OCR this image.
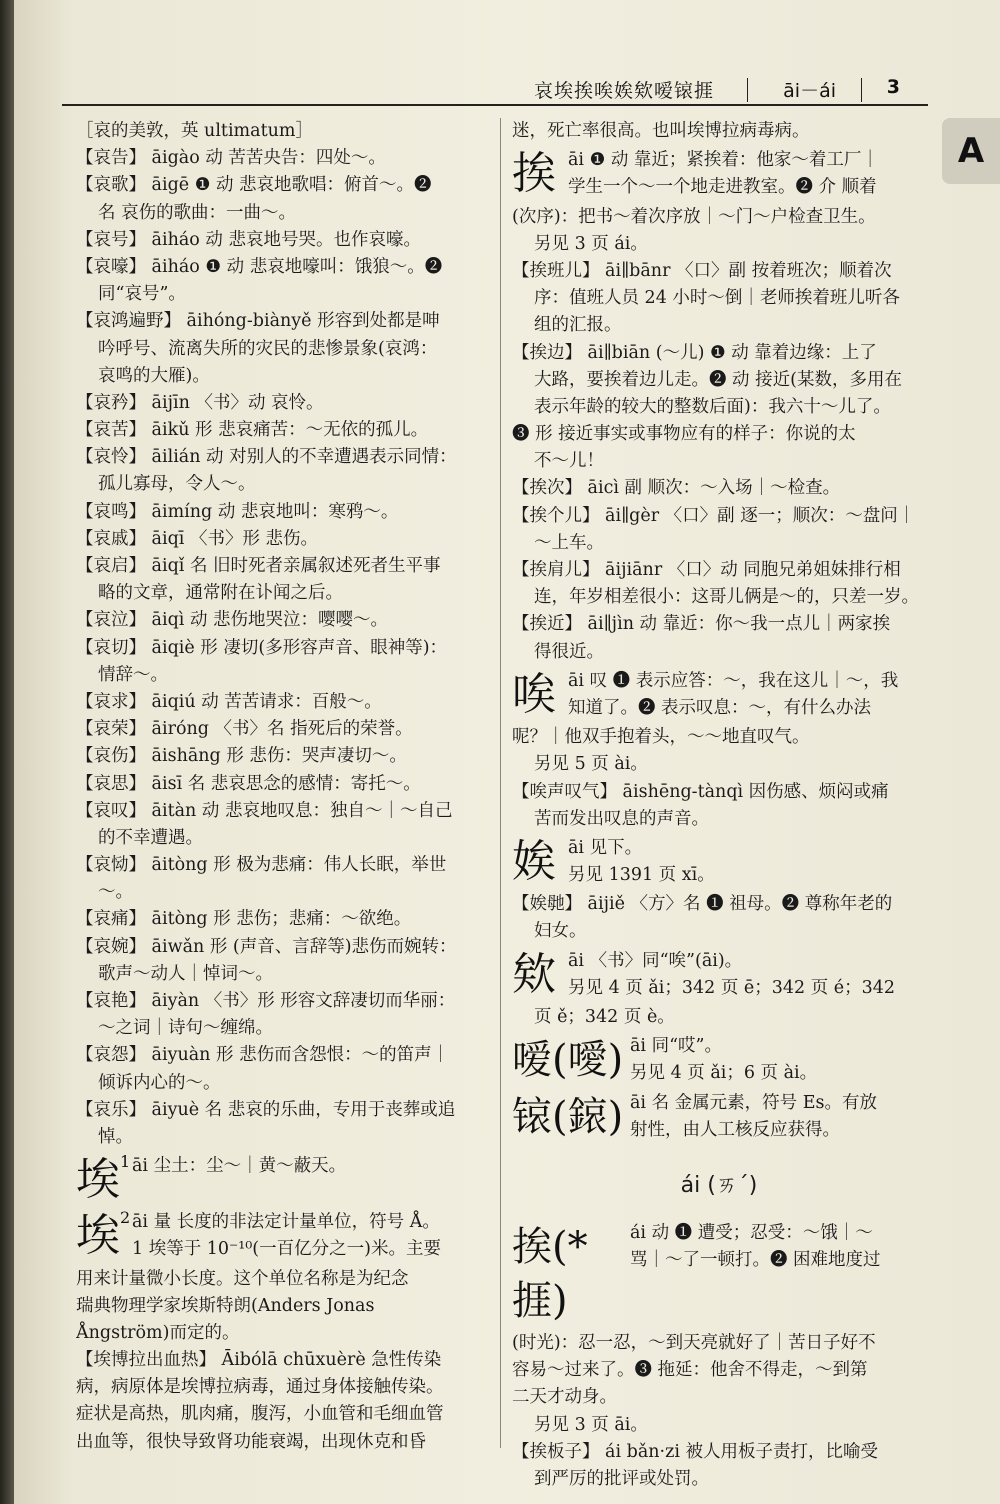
哀埃挨唉娭欸嗳锿捱	āi－ái	3
A
［哀的美敦，英 ultimatum］
【哀告】 āigào 动 苦苦央告：四处～。
【哀歌】 āigē ❶ 动 悲哀地歌唱：俯首～。❷
名 哀伤的歌曲：一曲～。
【哀号】 āiháo 动 悲哀地号哭。也作哀嚎。
【哀嚎】 āiháo ❶ 动 悲哀地嚎叫：饿狼～。❷
同“哀号”。
【哀鸿遍野】 āihóng-biànyě 形容到处都是呻
吟呼号、流离失所的灾民的悲惨景象(哀鸿：
哀鸣的大雁)。
【哀矜】 āijīn 〈书〉动 哀怜。
【哀苦】 āikǔ 形 悲哀痛苦：～无依的孤儿。
【哀怜】 āilián 动 对别人的不幸遭遇表示同情：
孤儿寡母，令人～。
【哀鸣】 āimíng 动 悲哀地叫：寒鸦～。
【哀戚】 āiqī 〈书〉形 悲伤。
【哀启】 āiqǐ 名 旧时死者亲属叙述死者生平事
略的文章，通常附在讣闻之后。
【哀泣】 āiqì 动 悲伤地哭泣：嘤嘤～。
【哀切】 āiqiè 形 凄切(多形容声音、眼神等)：
情辞～。
【哀求】 āiqiú 动 苦苦请求：百般～。
【哀荣】 āiróng 〈书〉名 指死后的荣誉。
【哀伤】 āishāng 形 悲伤：哭声凄切～。
【哀思】 āisī 名 悲哀思念的感情：寄托～。
【哀叹】 āitàn 动 悲哀地叹息：独自～｜～自己
的不幸遭遇。
【哀恸】 āitòng 形 极为悲痛：伟人长眠，举世
～。
【哀痛】 āitòng 形 悲伤；悲痛：～欲绝。
【哀婉】 āiwǎn 形 (声音、言辞等)悲伤而婉转：
歌声～动人｜悼词～。
【哀艳】 āiyàn 〈书〉形 形容文辞凄切而华丽：
～之词｜诗句～缠绵。
【哀怨】 āiyuàn 形 悲伤而含怨恨：～的笛声｜
倾诉内心的～。
【哀乐】 āiyuè 名 悲哀的乐曲，专用于丧葬或追
悼。
埃$^1$ āi 尘土：尘～｜黄～蔽天。
埃$^2$ āi 量 长度的非法定计量单位，符号 Å。
1 埃等于 10⁻¹⁰(一百亿分之一)米。主要
用来计量微小长度。这个单位名称是为纪念
瑞典物理学家埃斯特朗(Anders Jonas
Ångström)而定的。
【埃博拉出血热】 Āibólā chūxuèrè 急性传染
病，病原体是埃博拉病毒，通过身体接触传染。
症状是高热，肌肉痛，腹泻，小血管和毛细血管
出血等，很快导致肾功能衰竭，出现休克和昏
迷，死亡率很高。也叫埃博拉病毒病。
挨 āi ❶ 动 靠近；紧挨着：他家～着工厂｜
学生一个～一个地走进教室。❷ 介 顺着
(次序)：把书～着次序放｜～门～户检查卫生。
另见 3 页 ái。
【挨班儿】 āi∥bānr 〈口〉副 按着班次；顺着次
序：值班人员 24 小时～倒｜老师挨着班儿听各
组的汇报。
【挨边】 āi∥biān (～儿) ❶ 动 靠着边缘：上了
大路，要挨着边儿走。❷ 动 接近(某数，多用在
表示年龄的较大的整数后面)：我六十～儿了。
❸ 形 接近事实或事物应有的样子：你说的太
不～儿！
【挨次】 āicì 副 顺次：～入场｜～检查。
【挨个儿】 āi∥gèr 〈口〉副 逐一；顺次：～盘问｜
～上车。
【挨肩儿】 āijiānr 〈口〉动 同胞兄弟姐妹排行相
连，年岁相差很小：这哥儿俩是～的，只差一岁。
【挨近】 āi∥jìn 动 靠近：你～我一点儿｜两家挨
得很近。
唉 āi 叹 ❶ 表示应答：～，我在这儿｜～，我
知道了。❷ 表示叹息：～，有什么办法
呢？｜他双手抱着头，～～地直叹气。
另见 5 页 ài。
【唉声叹气】 āishēng-tànqì 因伤感、烦闷或痛
苦而发出叹息的声音。
娭 āi 见下。
另见 1391 页 xī。
【娭毑】 āijiě 〈方〉名 ❶ 祖母。❷ 尊称年老的
妇女。
欸 āi 〈书〉同“唉”(āi)。
另见 4 页 ǎi；342 页 ē；342 页 é；342
页 ě；342 页 è。
嗳(噯) āi 同“哎”。
另见 4 页 ǎi；6 页 ài。
锿(鎄) āi 名 金属元素，符号 Es。有放
射性，由人工核反应获得。
ái (ㄞˊ)
挨(*捱)
ái 动 ❶ 遭受；忍受：～饿｜～
骂｜～了一顿打。❷ 困难地度过
(时光)：忍一忍，～到天亮就好了｜苦日子好不
容易～过来了。❸ 拖延：他舍不得走，～到第
二天才动身。
另见 3 页 āi。
【挨板子】 ái bǎn·zi 被人用板子责打，比喻受
到严厉的批评或处罚。
